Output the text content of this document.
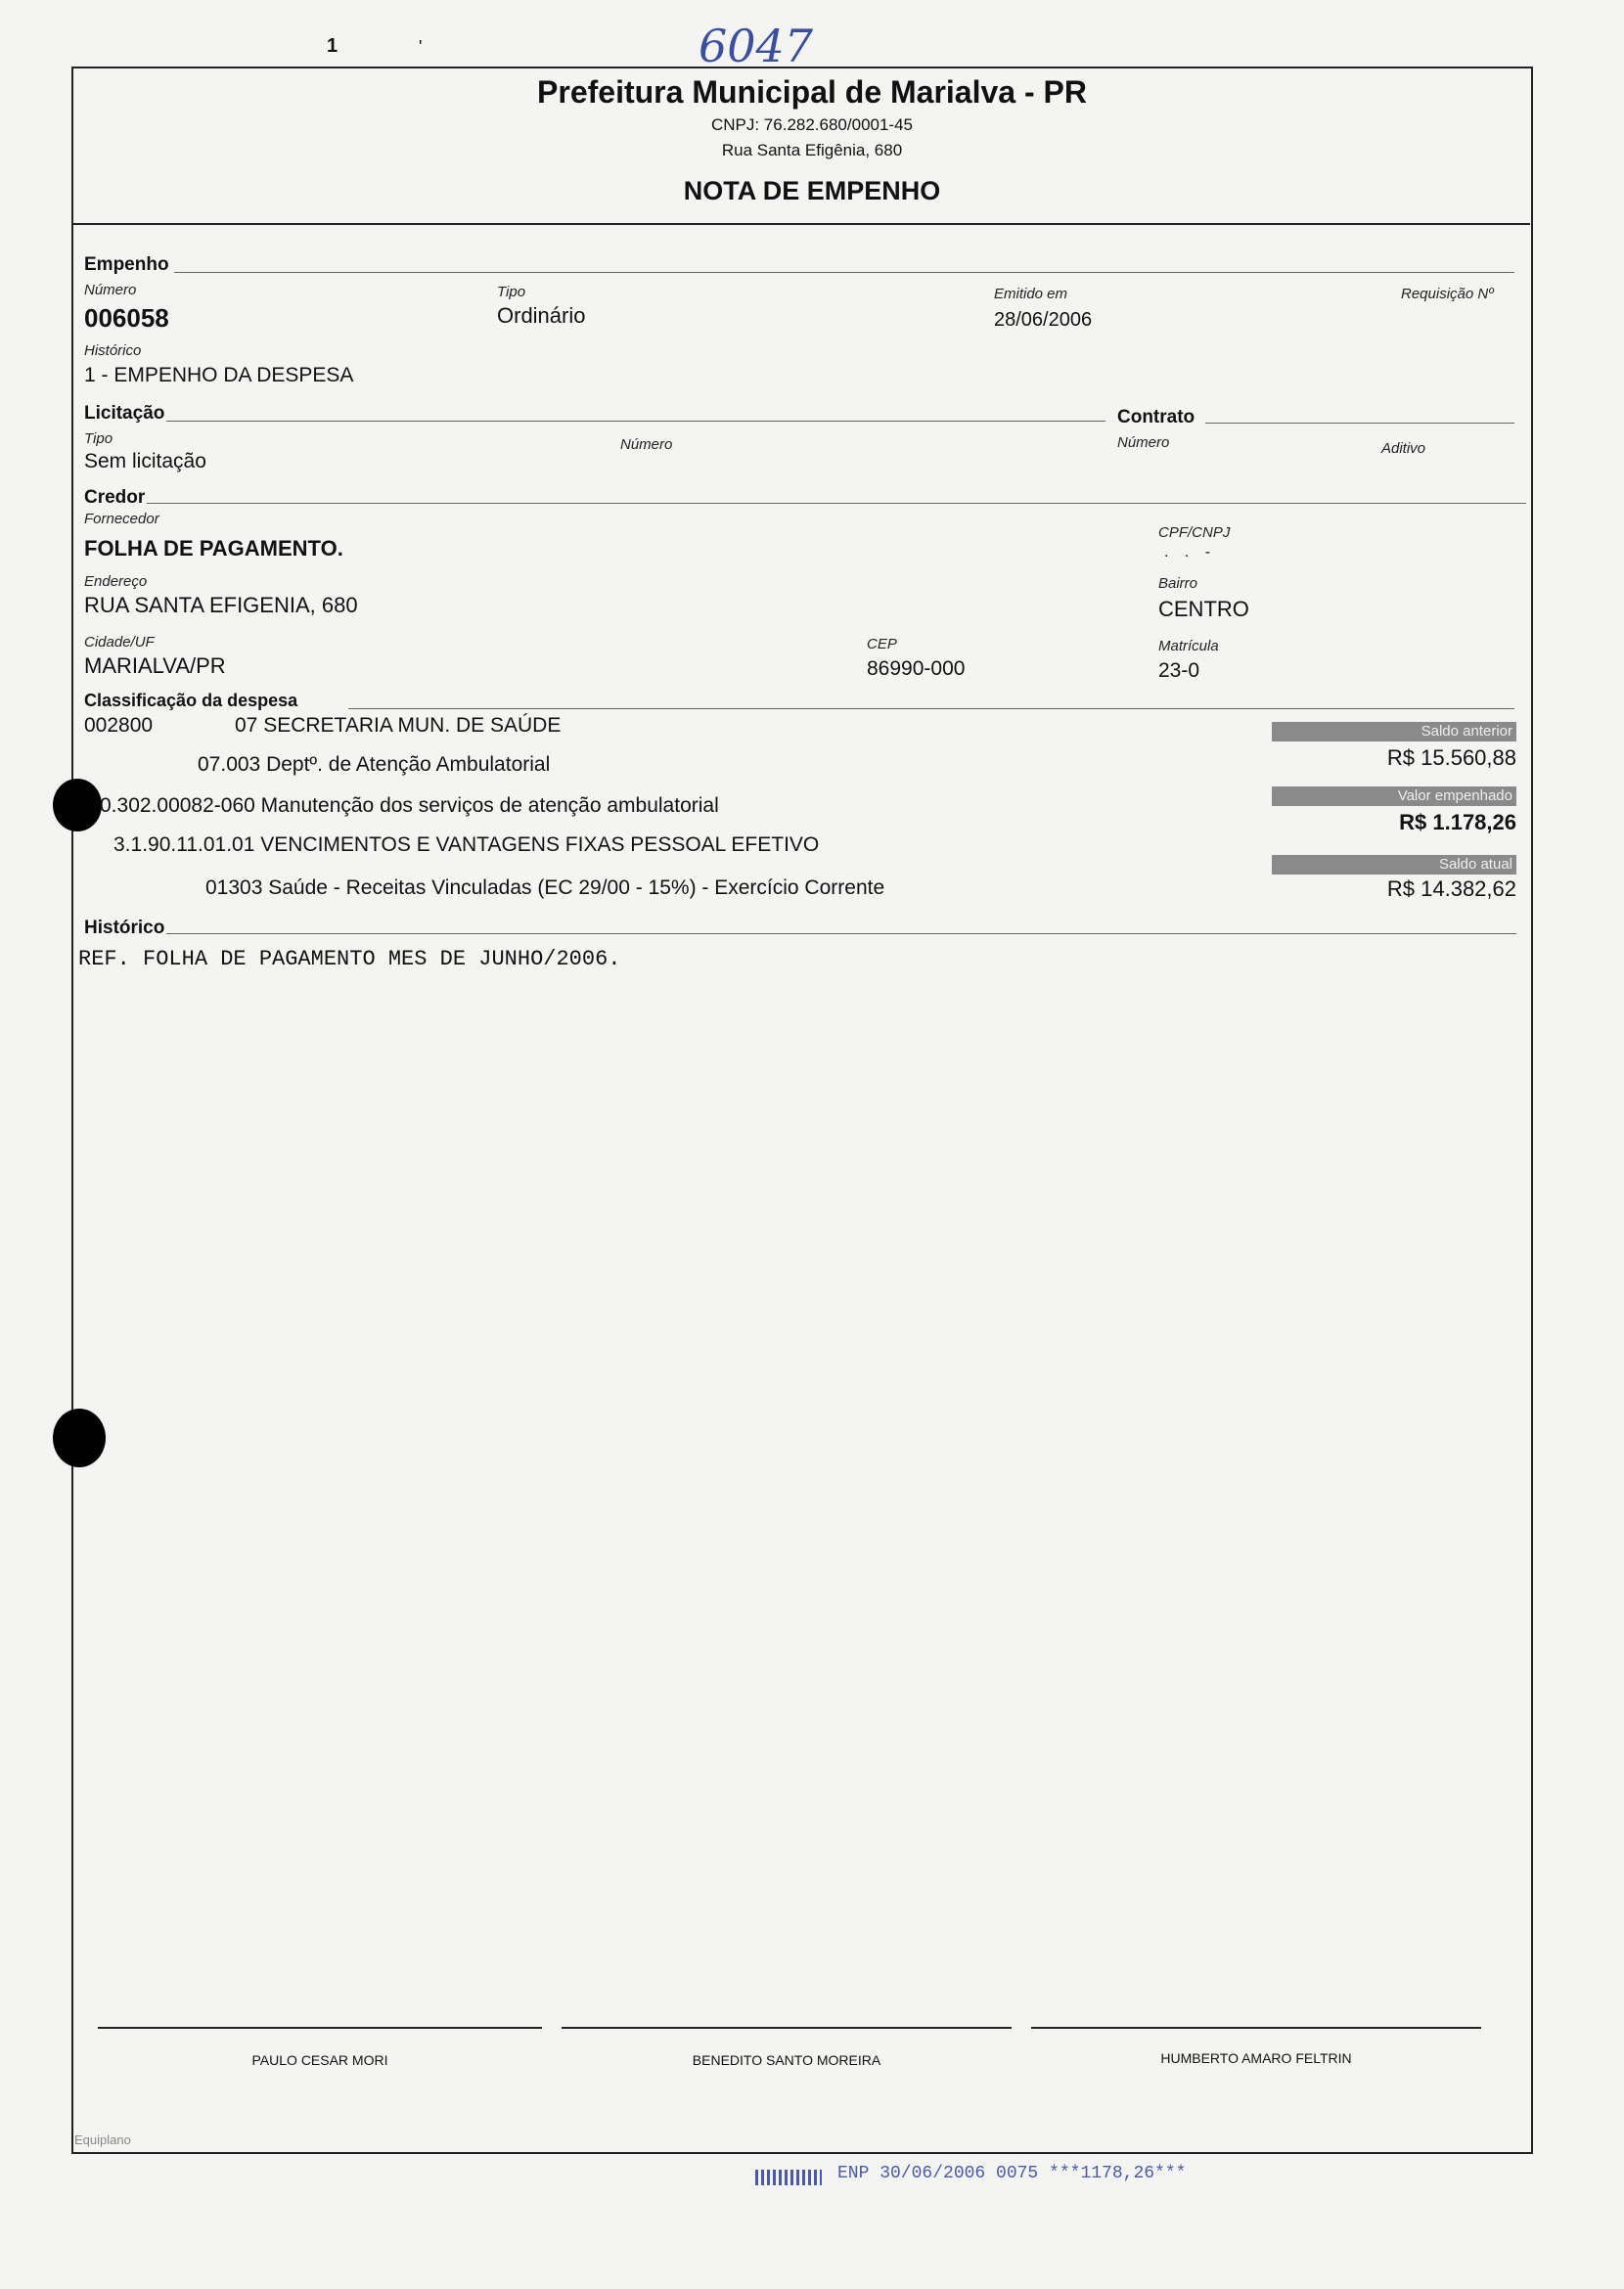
1	'	6047
Prefeitura Municipal de Marialva - PR
CNPJ: 76.282.680/0001-45
Rua Santa Efigênia, 680
NOTA DE EMPENHO
Empenho
Número
006058
Tipo
Ordinário
Emitido em
28/06/2006
Requisição Nº
Histórico
1 - EMPENHO DA DESPESA
Licitação	Contrato
Tipo
Sem licitação
Número	Número	Aditivo
Credor
Fornecedor
FOLHA DE PAGAMENTO.
CPF/CNPJ
. . -
Endereço
RUA SANTA EFIGENIA, 680
Bairro
CENTRO
Cidade/UF
MARIALVA/PR
CEP
86990-000
Matrícula
23-0
Classificação da despesa
002800	07 SECRETARIA MUN. DE SAÚDE
07.003 Deptº. de Atenção Ambulatorial
0.302.00082-060 Manutenção dos serviços de atenção ambulatorial
3.1.90.11.01.01 VENCIMENTOS E VANTAGENS FIXAS PESSOAL EFETIVO
01303 Saúde - Receitas Vinculadas (EC 29/00 - 15%) - Exercício Corrente
Saldo anterior
R$ 15.560,88
Valor empenhado
R$ 1.178,26
Saldo atual
R$ 14.382,62
Histórico
REF. FOLHA DE PAGAMENTO MES DE JUNHO/2006.
PAULO CESAR MORI	BENEDITO SANTO MOREIRA	HUMBERTO AMARO FELTRIN
Equiplano
ENP 30/06/2006 0075 ***1178,26***
